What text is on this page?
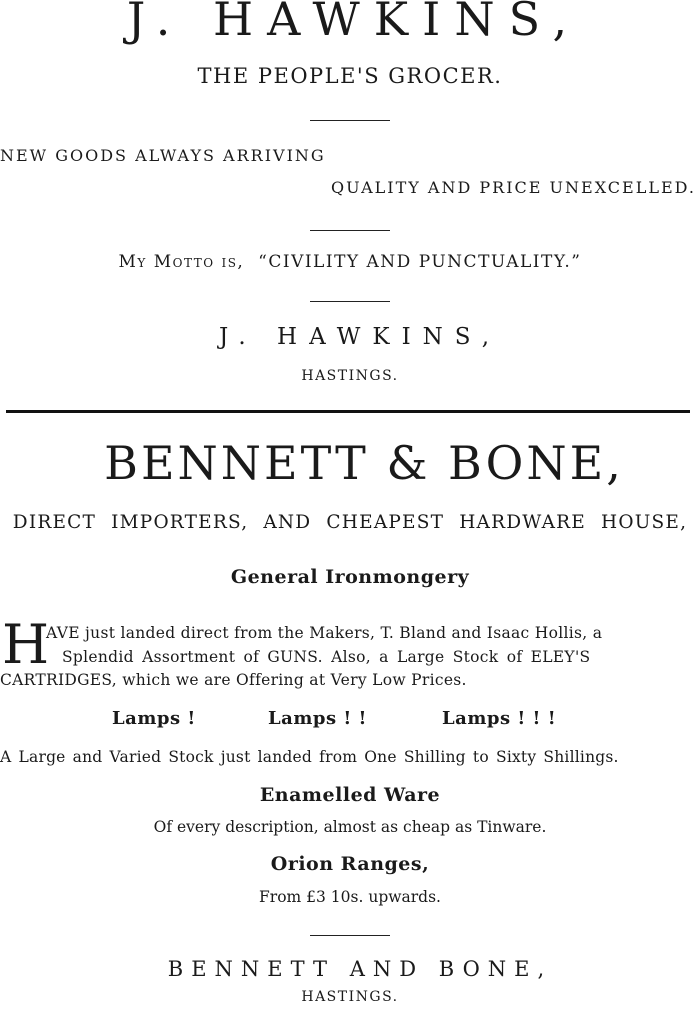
J. HAWKINS,
THE PEOPLE'S GROCER.
NEW GOODS ALWAYS ARRIVING
QUALITY AND PRICE UNEXCELLED.
My Motto is, “CIVILITY AND PUNCTUALITY.”
J. HAWKINS,
HASTINGS.
BENNETT & BONE,
DIRECT IMPORTERS, AND CHEAPEST HARDWARE HOUSE,
General Ironmongery
H
AVE just landed direct from the Makers, T. Bland and Isaac Hollis, a
Splendid Assortment of GUNS. Also, a Large Stock of ELEY'S
CARTRIDGES, which we are Offering at Very Low Prices.
Lamps !	Lamps ! !	Lamps ! ! !
A Large and Varied Stock just landed from One Shilling to Sixty Shillings.
Enamelled Ware
Of every description, almost as cheap as Tinware.
Orion Ranges,
From £3 10s. upwards.
BENNETT AND BONE,
HASTINGS.
